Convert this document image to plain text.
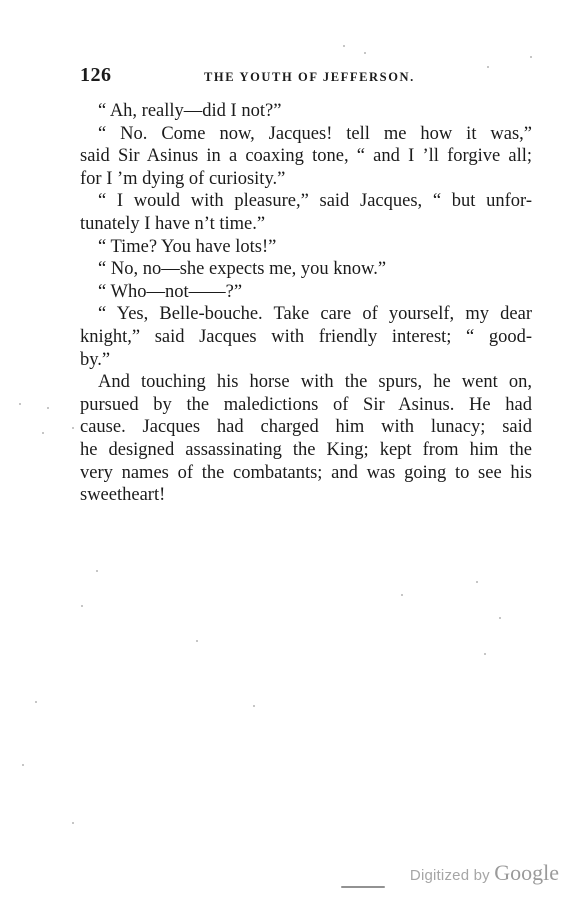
126	THE YOUTH OF JEFFERSON.
“ Ah, really—did I not?”
“ No. Come now, Jacques! tell me how it was,”
said Sir Asinus in a coaxing tone, “ and I ’ll forgive all;
for I ’m dying of curiosity.”
“ I would with pleasure,” said Jacques, “ but unfor-
tunately I have n’t time.”
“ Time? You have lots!”
“ No, no—she expects me, you know.”
“ Who—not——?”
“ Yes, Belle-bouche. Take care of yourself, my dear
knight,” said Jacques with friendly interest; “ good-
by.”
And touching his horse with the spurs, he went on,
pursued by the maledictions of Sir Asinus. He had
cause. Jacques had charged him with lunacy; said
he designed assassinating the King; kept from him the
very names of the combatants; and was going to see his
sweetheart!
Digitized by Google
